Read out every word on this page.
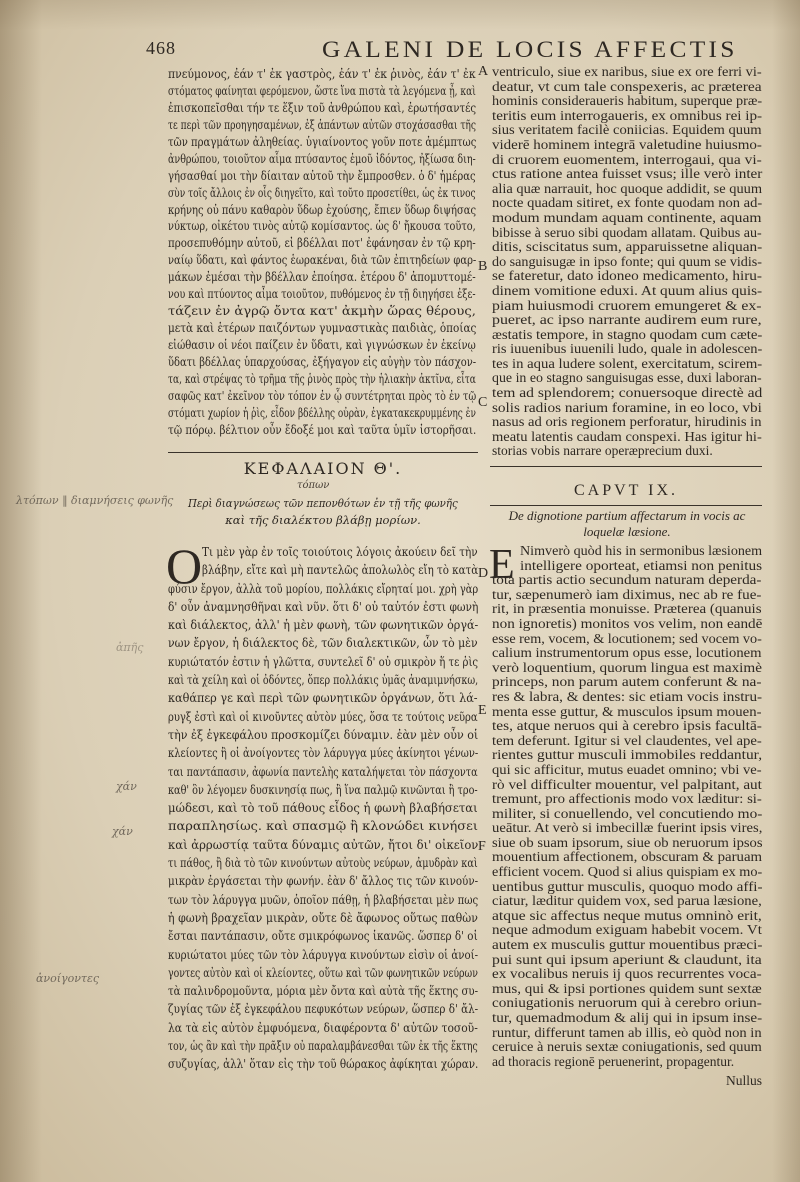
468	GALENI DE LOCIS AFFECTIS
πνεύμονος, ἐάν τ' ἐκ γαστρὸς, ἐάν τ' ἐκ ῥινὸς, ἐάν τ' ἐκ
στόματος φαίνηται φερόμενον, ὥστε ἵνα πιστὰ τὰ λεγόμενα ᾖ, καὶ
ἐπισκοπεῖσθαι τήν τε ἕξιν τοῦ ἀνθρώπου καὶ, ἐρωτήσαντές
τε περὶ τῶν προηγησαμένων, ἐξ ἁπάντων αὐτῶν στοχάσασθαι τῆς
τῶν πραγμάτων ἀληθείας. ὑγιαίνοντος γοῦν ποτε ἀμέμπτως
ἀνθρώπου, τοιοῦτον αἷμα πτύσαντος ἐμοῦ ἰδόντος, ἠξίωσα διη-
γήσασθαί μοι τὴν δίαιταν αὐτοῦ τὴν ἔμπροσθεν. ὁ δ' ἡμέρας
σὺν τοῖς ἄλλοις ἐν οἷς διηγεῖτο, καὶ τοῦτο προσετίθει, ὡς ἐκ τινος
κρήνης οὐ πάνυ καθαρὸν ὕδωρ ἐχούσης, ἔπιεν ὕδωρ διψήσας
νύκτωρ, οἰκέτου τινὸς αὐτῷ κομίσαντος. ὡς δ' ἤκουσα τοῦτο,
προσεπυθόμην αὐτοῦ, εἰ βδέλλαι ποτ' ἐφάνησαν ἐν τῷ κρη-
ναίῳ ὕδατι, καὶ φάντος ἑωρακέναι, διὰ τῶν ἐπιτηδείων φαρ-
μάκων ἐμέσαι τὴν βδέλλαν ἐποίησα. ἑτέρου δ' ἀπομυττομέ-
νου καὶ πτύοντος αἷμα τοιοῦτον, πυθόμενος ἐν τῇ διηγήσει ἐξε-
τάζειν ἐν ἀγρῷ ὄντα κατ' ἀκμὴν ὥρας θέρους,
μετὰ καὶ ἑτέρων παιζόντων γυμναστικὰς παιδιὰς, ὁποίας
εἰώθασιν οἱ νέοι παίζειν ἐν ὕδατι, καὶ γιγνώσκων ἐν ἐκείνῳ
ὕδατι βδέλλας ὑπαρχούσας, ἐξήγαγον εἰς αὐγὴν τὸν πάσχον-
τα, καὶ στρέψας τὸ τρῆμα τῆς ῥινὸς πρὸς τὴν ἡλιακὴν ἀκτῖνα, εἶτα
σαφῶς κατ' ἐκεῖνον τὸν τόπον ἐν ᾧ συντέτρηται πρὸς τὸ ἐν τῷ
στόματι χωρίον ἡ ῥὶς, εἶδον βδέλλης οὐρὰν, ἐγκατακεκρυμμένης ἐν
τῷ πόρῳ. βέλτιον οὖν ἔδοξέ μοι καὶ ταῦτα ὑμῖν ἱστορῆσαι.
ventriculo, siue ex naribus, siue ex ore ferri vi-
deatur, vt cum tale conspexeris, ac præterea
hominis consideraueris habitum, superque præ-
teritis eum interrogaueris, ex omnibus rei ip-
sius veritatem facilè coniicias. Equidem quum
viderē hominem integrā valetudine huiusmo-
di cruorem euomentem, interrogaui, qua vi-
ctus ratione antea fuisset vsus; ille verò inter
alia quæ narrauit, hoc quoque addidit, se quum
nocte quadam sitiret, ex fonte quodam non ad-
modum mundam aquam continente, aquam
bibisse à seruo sibi quodam allatam. Quibus au-
ditis, sciscitatus sum, apparuissetne aliquan-
do sanguisugæ in ipso fonte; qui quum se vidis-
se fateretur, dato idoneo medicamento, hiru-
dinem vomitione eduxi. At quum alius quis-
piam huiusmodi cruorem emungeret & ex-
pueret, ac ipso narrante audirem eum rure,
æstatis tempore, in stagno quodam cum cæte-
ris iuuenibus iuuenili ludo, quale in adolescen-
tes in aqua ludere solent, exercitatum, scirem-
que in eo stagno sanguisugas esse, duxi laboran-
tem ad splendorem; conuersoque directè ad
solis radios narium foramine, in eo loco, vbi
nasus ad oris regionem perforatur, hirudinis in
meatu latentis caudam conspexi. Has igitur hi-
storias vobis narrare operæprecium duxi.
A
B
C
D
E
F
ΚΕΦΑΛΑΙΟΝ Θ'.
τόπων
Περὶ διαγνώσεως τῶν πεπονθότων ἐν τῇ τῆς φωνῆς
καὶ τῆς διαλέκτου βλάβῃ μορίων.
CAPVT IX.
De dignotione partium affectarum in vocis ac
loquelæ læsione.
O Τι μὲν γὰρ ἐν τοῖς τοιούτοις λόγοις ἀκούειν δεῖ τὴν
βλάβην, εἴτε καὶ μὴ παντελῶς ἀπολωλὸς εἴη τὸ κατὰ
φύσιν ἔργον, ἀλλὰ τοῦ μορίου, πολλάκις εἴρηταί μοι. χρὴ γὰρ
δ' οὖν ἀναμνησθῆναι καὶ νῦν. ὅτι δ' οὐ ταὐτόν ἐστι φωνὴ
καὶ διάλεκτος, ἀλλ' ἡ μὲν φωνὴ, τῶν φωνητικῶν ὀργά-
νων ἔργον, ἡ διάλεκτος δὲ, τῶν διαλεκτικῶν, ὧν τὸ μὲν
κυριώτατόν ἐστιν ἡ γλῶττα, συντελεῖ δ' οὐ σμικρὸν ἥ τε ῥὶς
καὶ τὰ χείλη καὶ οἱ ὀδόντες, ὅπερ πολλάκις ὑμᾶς ἀναμιμνήσκω,
καθάπερ γε καὶ περὶ τῶν φωνητικῶν ὀργάνων, ὅτι λά-
ρυγξ ἐστὶ καὶ οἱ κινοῦντες αὐτὸν μύες, ὅσα τε τούτοις νεῦρα
τὴν ἐξ ἐγκεφάλου προσκομίζει δύναμιν. ἐὰν μὲν οὖν οἱ
κλείοντες ἢ οἱ ἀνοίγοντες τὸν λάρυγγα μύες ἀκίνητοι γένων-
ται παντάπασιν, ἀφωνία παντελὴς καταλήψεται τὸν πάσχοντα
καθ' ὃν λέγομεν δυσκινησίᾳ πως, ἢ ἵνα παλμῷ κινῶνται ἢ τρο-
μώδεσι, καὶ τὸ τοῦ πάθους εἶδος ἡ φωνὴ βλαβήσεται
παραπλησίως. καὶ σπασμῷ ἢ κλονώδει κινήσει
καὶ ἀρρωστίᾳ ταῦτα δύναμις αὐτῶν, ἤτοι δι' οἰκεῖον
τι πάθος, ἢ διὰ τὸ τῶν κινούντων αὐτοὺς νεύρων, ἀμυδρὰν καὶ
μικρὰν ἐργάσεται τὴν φωνήν. ἐὰν δ' ἄλλος τις τῶν κινούν-
των τὸν λάρυγγα μυῶν, ὁποῖον πάθῃ, ἡ βλαβήσεται μὲν πως
ἡ φωνὴ βραχεῖαν μικρὰν, οὔτε δὲ ἄφωνος οὕτως παθὼν
ἔσται παντάπασιν, οὔτε σμικρόφωνος ἱκανῶς. ὥσπερ δ' οἱ
κυριώτατοι μύες τῶν τὸν λάρυγγα κινούντων εἰσὶν οἱ ἀνοί-
γοντες αὐτὸν καὶ οἱ κλείοντες, οὕτω καὶ τῶν φωνητικῶν νεύρων
τὰ παλινδρομοῦντα, μόρια μὲν ὄντα καὶ αὐτὰ τῆς ἕκτης συ-
ζυγίας τῶν ἐξ ἐγκεφάλου πεφυκότων νεύρων, ὥσπερ δ' ἄλ-
λα τὰ εἰς αὐτὸν ἐμφυόμενα, διαφέροντα δ' αὐτῶν τοσοῦ-
τον, ὡς ἂν καὶ τὴν πρᾶξιν οὐ παραλαμβάνεσθαι τῶν ἐκ τῆς ἕκτης
συζυγίας, ἀλλ' ὅταν εἰς τὴν τοῦ θώρακος ἀφίκηται χώραν.
E Nimverò quòd his in sermonibus læsionem
intelligere oporteat, etiamsi non penitus
tota partis actio secundum naturam deperda-
tur, sæpenumerò iam diximus, nec ab re fue-
rit, in præsentia monuisse. Præterea (quanuis
non ignoretis) monitos vos velim, non eandē
esse rem, vocem, & locutionem; sed vocem vo-
calium instrumentorum opus esse, locutionem
verò loquentium, quorum lingua est maximè
princeps, non parum autem conferunt & na-
res & labra, & dentes: sic etiam vocis instru-
menta esse guttur, & musculos ipsum mouen-
tes, atque neruos qui à cerebro ipsis facultā-
tem deferunt. Igitur si vel claudentes, vel ape-
rientes guttur musculi immobiles reddantur,
qui sic afficitur, mutus euadet omnino; vbi ve-
rò vel difficulter mouentur, vel palpitant, aut
tremunt, pro affectionis modo vox læditur: si-
militer, si conuellendo, vel concutiendo mo-
ueātur. At verò si imbecillæ fuerint ipsis vires,
siue ob suam ipsorum, siue ob neruorum ipsos
mouentium affectionem, obscuram & paruam
efficient vocem. Quod si alius quispiam ex mo-
uentibus guttur musculis, quoquo modo affi-
ciatur, læditur quidem vox, sed parua læsione,
atque sic affectus neque mutus omninò erit,
neque admodum exiguam habebit vocem. Vt
autem ex musculis guttur mouentibus præci-
pui sunt qui ipsum aperiunt & claudunt, ita
ex vocalibus neruis ij quos recurrentes voca-
mus, qui & ipsi portiones quidem sunt sextæ
coniugationis neruorum qui à cerebro oriun-
tur, quemadmodum & alij qui in ipsum inse-
runtur, differunt tamen ab illis, eò quòd non in
ceruice à neruis sextæ coniugationis, sed quum
ad thoracis regionē peruenerint, propagentur.
Nullus
λτόπων ‖ διαμνήσεις φωνῆς
ἀπῆς
χάν
χάν
ἀνοίγοντες
